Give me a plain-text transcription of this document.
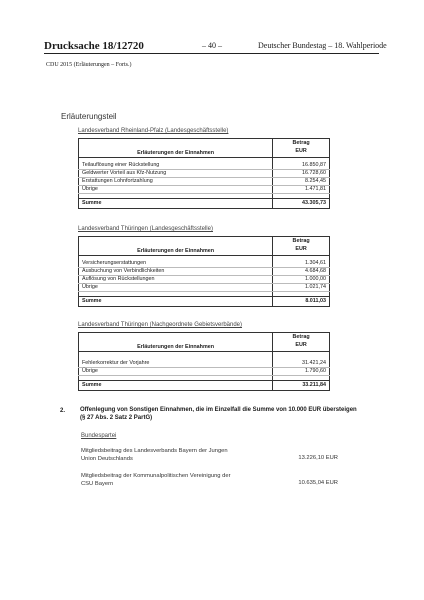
Drucksache 18/12720	– 40 –	Deutscher Bundestag – 18. Wahlperiode
CDU 2015 (Erläuterungen – Forts.)
Erläuterungsteil
Landesverband Rheinland-Pfalz (Landesgeschäftsstelle)
Erläuterungen der Einnahmen	Betrag
EUR

Teilauflösung einer Rückstellung	16.850,87
Geldwerter Vorteil aus Kfz-Nutzung	16.728,60
Erstattungen Lohnfortzahlung	8.254,45
Übrige	1.471,81

Summe	43.305,73
Landesverband Thüringen (Landesgeschäftsstelle)
Erläuterungen der Einnahmen	Betrag
EUR

Versicherungserstattungen	1.304,61
Ausbuchung von Verbindlichkeiten	4.684,68
Auflösung von Rückstellungen	1.000,00
Übrige	1.021,74

Summe	8.011,03
Landesverband Thüringen (Nachgeordnete Gebietsverbände)
Erläuterungen der Einnahmen	Betrag
EUR

Fehlerkorrektur der Vorjahre	31.421,24
Übrige	1.790,60

Summe	33.211,84
2. Offenlegung von Sonstigen Einnahmen, die im Einzelfall die Summe von 10.000 EUR übersteigen (§ 27 Abs. 2 Satz 2 PartG)
Bundespartei
Mitgliedsbeitrag des Landesverbands Bayern der Jungen
Union Deutschlands	13.226,10 EUR
Mitgliedsbeitrag der Kommunalpolitischen Vereinigung der
CSU Bayern	10.635,04 EUR
